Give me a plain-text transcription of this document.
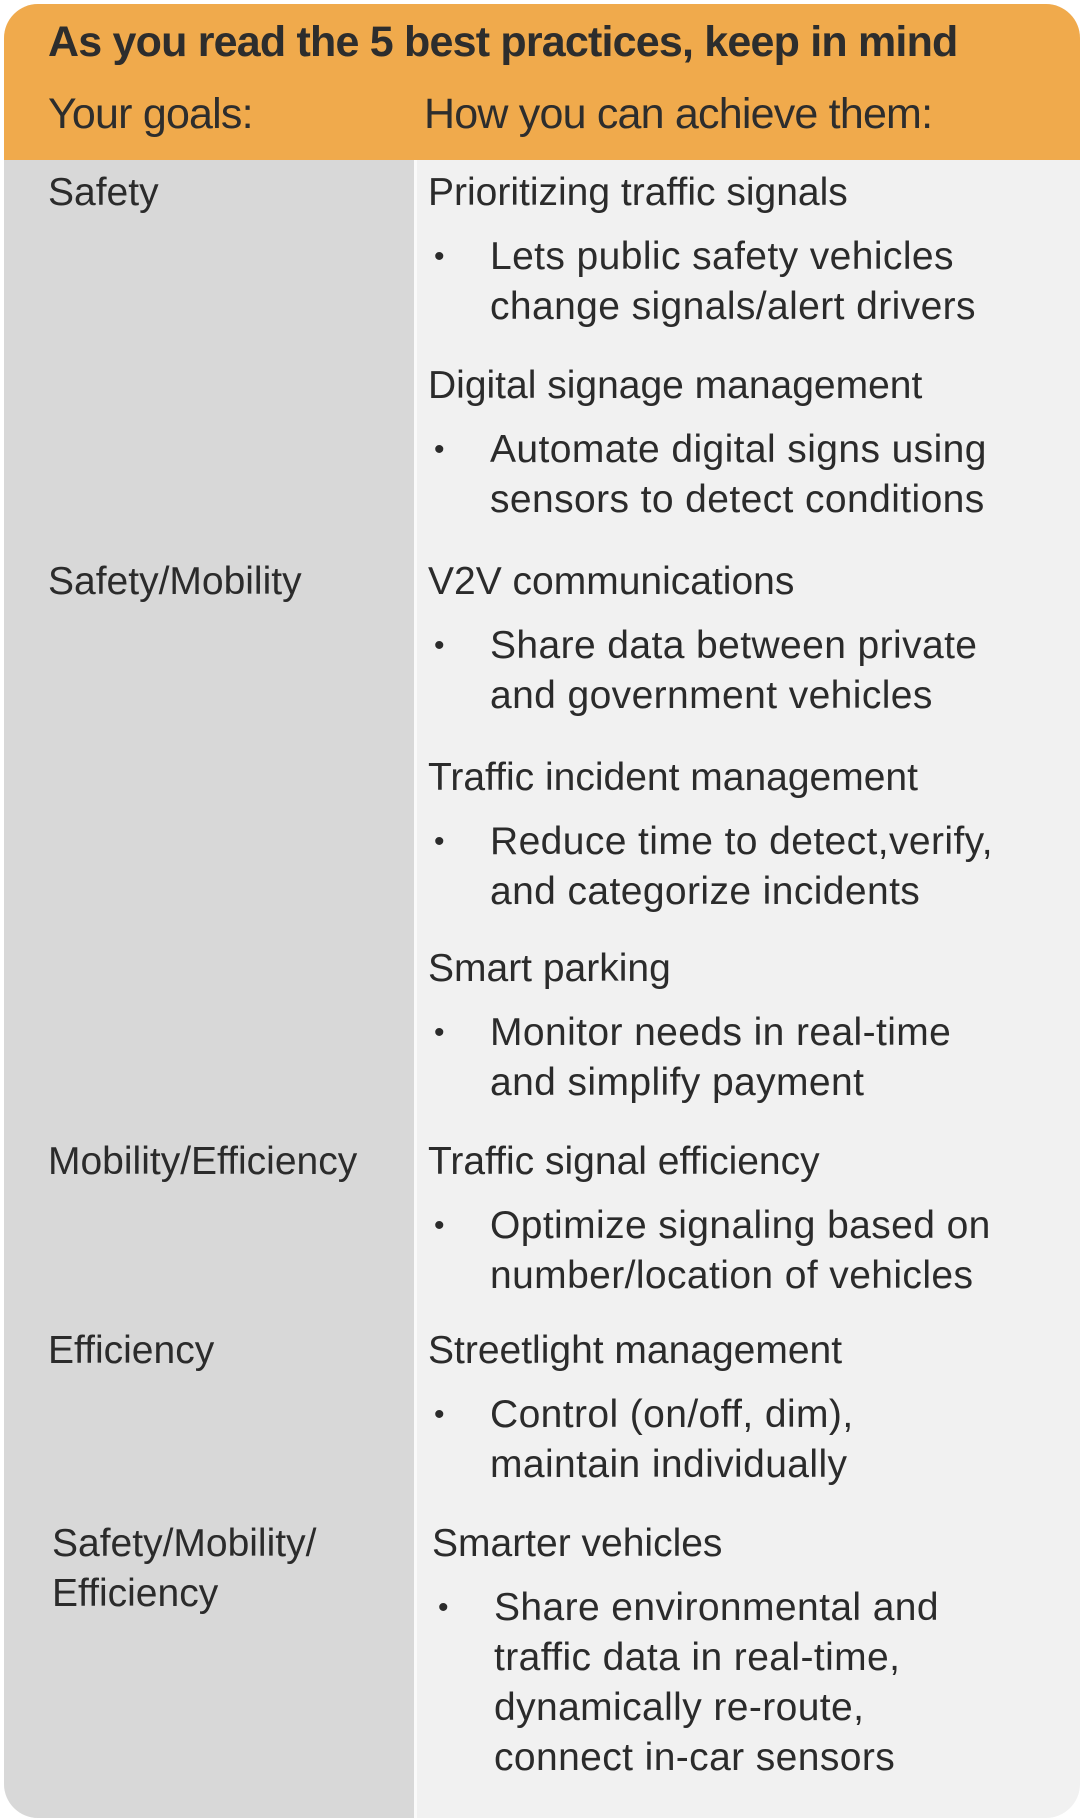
As you read the 5 best practices, keep in mind
Your goals:	How you can achieve them:
Safety
Safety/Mobility
Mobility/Efficiency
Efficiency
Safety/Mobility/
Efficiency
Prioritizing traffic signals
• Lets public safety vehicles
change signals/alert drivers
Digital signage management
• Automate digital signs using
sensors to detect conditions
V2V communications
• Share data between private
and government vehicles
Traffic incident management
• Reduce time to detect,verify,
and categorize incidents
Smart parking
• Monitor needs in real-time
and simplify payment
Traffic signal efficiency
• Optimize signaling based on
number/location of vehicles
Streetlight management
• Control (on/off, dim),
maintain individually
Smarter vehicles
• Share environmental and
traffic data in real-time,
dynamically re-route,
connect in-car sensors
